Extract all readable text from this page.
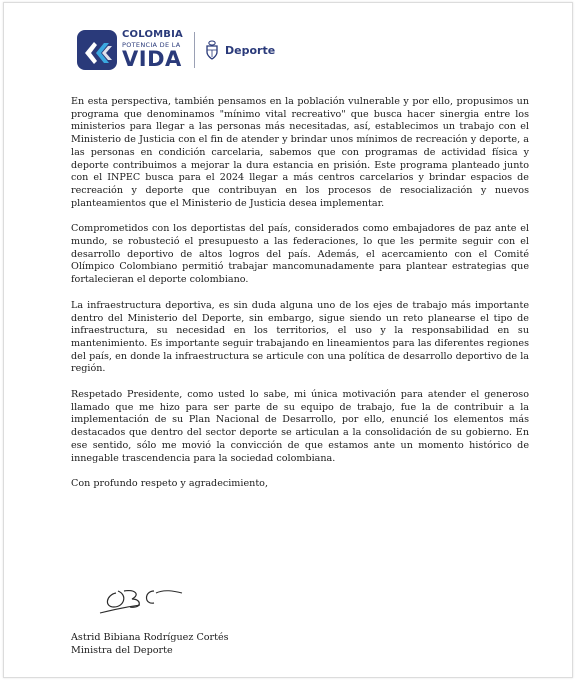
COLOMBIA
POTENCIA DE LA
VIDA	Deporte

En esta perspectiva, también pensamos en la población vulnerable y por ello, propusimos un programa que denominamos "mínimo vital recreativo" que busca hacer sinergia entre los ministerios para llegar a las personas más necesitadas, así, establecimos un trabajo con el Ministerio de Justicia con el fin de atender y brindar unos mínimos de recreación y deporte, a las personas en condición carcelaria, sabemos que con programas de actividad física y deporte contribuimos a mejorar la dura estancia en prisión. Este programa planteado junto con el INPEC busca para el 2024 llegar a más centros carcelarios y brindar espacios de recreación y deporte que contribuyan en los procesos de resocialización y nuevos planteamientos que el Ministerio de Justicia desea implementar.

Comprometidos con los deportistas del país, considerados como embajadores de paz ante el mundo, se robusteció el presupuesto a las federaciones, lo que les permite seguir con el desarrollo deportivo de altos logros del país. Además, el acercamiento con el Comité Olímpico Colombiano permitió trabajar mancomunadamente para plantear estrategias que fortalecieran el deporte colombiano.

La infraestructura deportiva, es sin duda alguna uno de los ejes de trabajo más importante dentro del Ministerio del Deporte, sin embargo, sigue siendo un reto planearse el tipo de infraestructura, su necesidad en los territorios, el uso y la responsabilidad en su mantenimiento. Es importante seguir trabajando en lineamientos para las diferentes regiones del país, en donde la infraestructura se articule con una política de desarrollo deportivo de la región.

Respetado Presidente, como usted lo sabe, mi única motivación para atender el generoso llamado que me hizo para ser parte de su equipo de trabajo, fue la de contribuir a la implementación de su Plan Nacional de Desarrollo, por ello, enuncié los elementos más destacados que dentro del sector deporte se articulan a la consolidación de su gobierno. En ese sentido, sólo me movió la convicción de que estamos ante un momento histórico de innegable trascendencia para la sociedad colombiana.

Con profundo respeto y agradecimiento,

Astrid Bibiana Rodríguez Cortés
Ministra del Deporte
